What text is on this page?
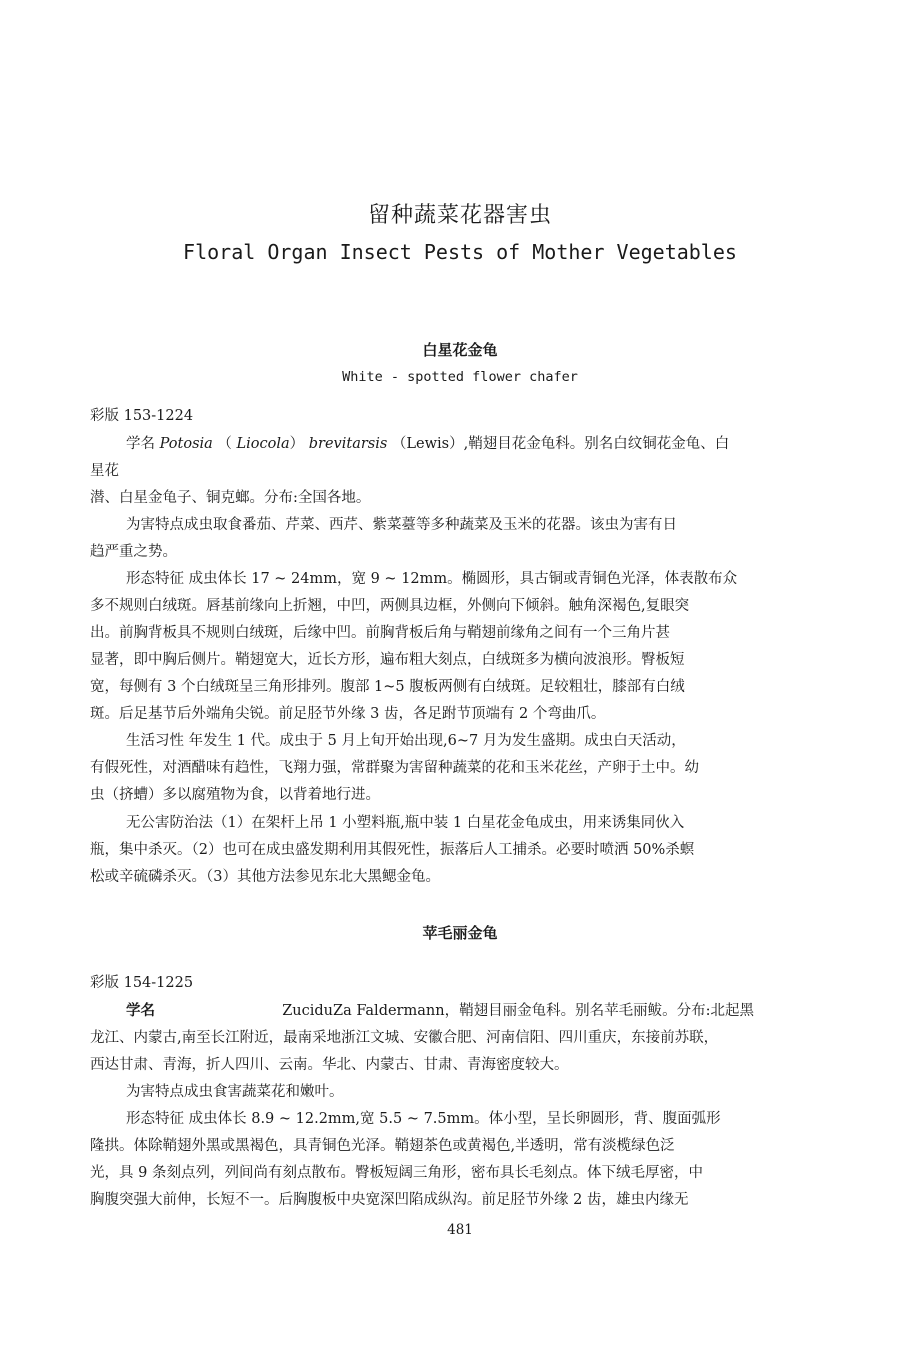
留种蔬菜花器害虫
Floral Organ Insect Pests of Mother Vegetables
白星花金龟
White - spotted flower chafer
彩版 153-1224
学名 Potosia （ Liocola） brevitarsis （Lewis）,鞘翅目花金龟科。别名白纹铜花金龟、白
星花
潜、白星金龟子、铜克螂。分布:全国各地。
为害特点成虫取食番茄、芹菜、西芹、紫菜薹等多种蔬菜及玉米的花器。该虫为害有日
趋严重之势。
形态特征 成虫体长 17 ~ 24mm，宽 9 ~ 12mm。椭圆形，具古铜或青铜色光泽，体表散布众
多不规则白绒斑。唇基前缘向上折翘，中凹，两侧具边框，外侧向下倾斜。触角深褐色,复眼突
出。前胸背板具不规则白绒斑，后缘中凹。前胸背板后角与鞘翅前缘角之间有一个三角片甚
显著，即中胸后侧片。鞘翅宽大，近长方形，遍布粗大刻点，白绒斑多为横向波浪形。臀板短
宽，每侧有 3 个白绒斑呈三角形排列。腹部 1~5 腹板两侧有白绒斑。足较粗壮，膝部有白绒
斑。后足基节后外端角尖锐。前足胫节外缘 3 齿，各足跗节顶端有 2 个弯曲爪。
生活习性 年发生 1 代。成虫于 5 月上旬开始出现,6~7 月为发生盛期。成虫白天活动，
有假死性，对酒醋味有趋性，飞翔力强，常群聚为害留种蔬菜的花和玉米花丝，产卵于土中。幼
虫（挤螬）多以腐殖物为食，以背着地行进。
无公害防治法（1）在架杆上吊 1 小塑料瓶,瓶中装 1 白星花金龟成虫，用来诱集同伙入
瓶，集中杀灭。（2）也可在成虫盛发期利用其假死性，振落后人工捕杀。必要时喷洒 50%杀螟
松或辛硫磷杀灭。（3）其他方法参见东北大黑鳃金龟。
苹毛丽金龟
彩版 154-1225
学名	ZuciduZa Faldermann，鞘翅目丽金龟科。别名苹毛丽鲅。分布:北起黑
龙江、内蒙古,南至长江附近，最南采地浙江文城、安徽合肥、河南信阳、四川重庆，东接前苏联，
西达甘肃、青海，折人四川、云南。华北、内蒙古、甘肃、青海密度较大。
为害特点成虫食害蔬菜花和嫩叶。
形态特征 成虫体长 8.9 ~ 12.2mm,宽 5.5 ~ 7.5mm。体小型，呈长卵圆形，背、腹面弧形
隆拱。体除鞘翅外黑或黑褐色，具青铜色光泽。鞘翅茶色或黄褐色,半透明，常有淡榄绿色泛
光，具 9 条刻点列，列间尚有刻点散布。臀板短阔三角形，密布具长毛刻点。体下绒毛厚密，中
胸腹突强大前伸，长短不一。后胸腹板中央宽深凹陷成纵沟。前足胫节外缘 2 齿，雄虫内缘无
481
